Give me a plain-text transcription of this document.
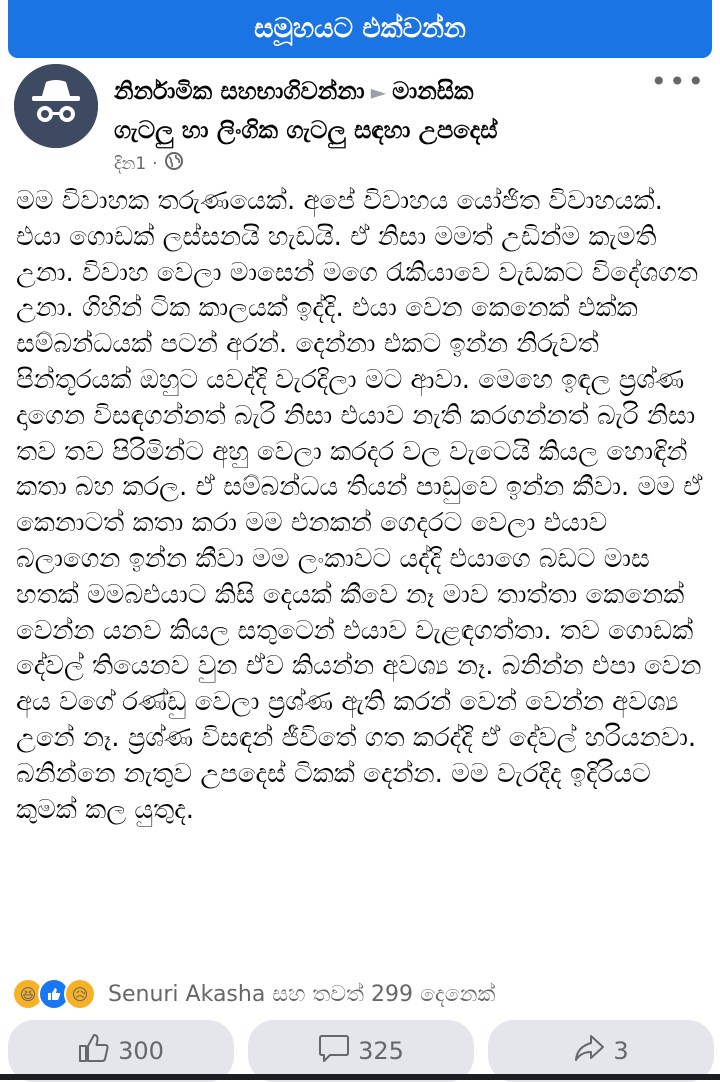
සමූහයට එක්වන්න
නිර්නාමික සහභාගිවන්නා ► මානසික
ගැටලු හා ලිංගික ගැටලු සඳහා උපදෙස්
දින1 ·
•••

මම විවාහක තරුණයෙක්. අපේ විවාහය යෝජිත විවාහයක්. එයා ගොඩක් ලස්සනයි හැඩයි. ඒ නිසා මමත් උඩින්ම කැමති උනා. විවාහ වෙලා මාසෙන් මගෙ රැකියාවෙ වැඩකට විදේශගත උනා. ගිහින් ටික කාලයක් ඉද්දි. එයා වෙන කෙනෙක් එක්ක සම්බන්ධයක් පටන් අරන්. දෙන්නා එකට ඉන්න නිරුවත් පින්තූරයක් ඔහුට යවද්දි වැරදිලා මට ආවා. මෙහෙ ඉඳල ප්‍රශ්ණ දාගෙන විසඳගන්නත් බැරි නිසා එයාව නැති කරගන්නත් බැරි නිසා තව තව පිරිමින්ට අහු වෙලා කරදර වල වැටෙයි කියල හොඳින් කතා බහ කරල. ඒ සම්බන්ධය තියන් පාඩුවෙ ඉන්න කීවා. මම ඒ කෙනාටත් කතා කරා මම එනකන් ගෙදරට වෙලා එයාව බලාගෙන ඉන්න කීවා මම ලංකාවට යද්දි එයාගෙ බඩට මාස හතක් මමබඑයාට කිසි දෙයක් කීවෙ නෑ මාව තාත්තා කෙනෙක් වෙන්න යනව කියල සතුටෙන් එයාව වැළඳගත්තා. තව ගොඩක් දේවල් තියෙනව වුන ඒව කියන්න අවශ්‍ය නෑ. බනින්න එපා වෙන අය වගේ රණ්ඩු වෙලා ප්‍රශ්ණ ඇති කරන් වෙන් වෙන්න අවශ්‍ය උනේ නෑ. ප්‍රශ්ණ විසඳන් ජීවිතේ ගත කරද්දි ඒ දේවල් හරියනවා. බනින්නෙ නැතුව උපදෙස් ටිකක් දෙන්න. මම වැරදිද ඉදිරියට කුමක් කල යුතුද.

😆	😥 Senuri Akasha සහ තවත් 299 දෙනෙක්
300	325	3
